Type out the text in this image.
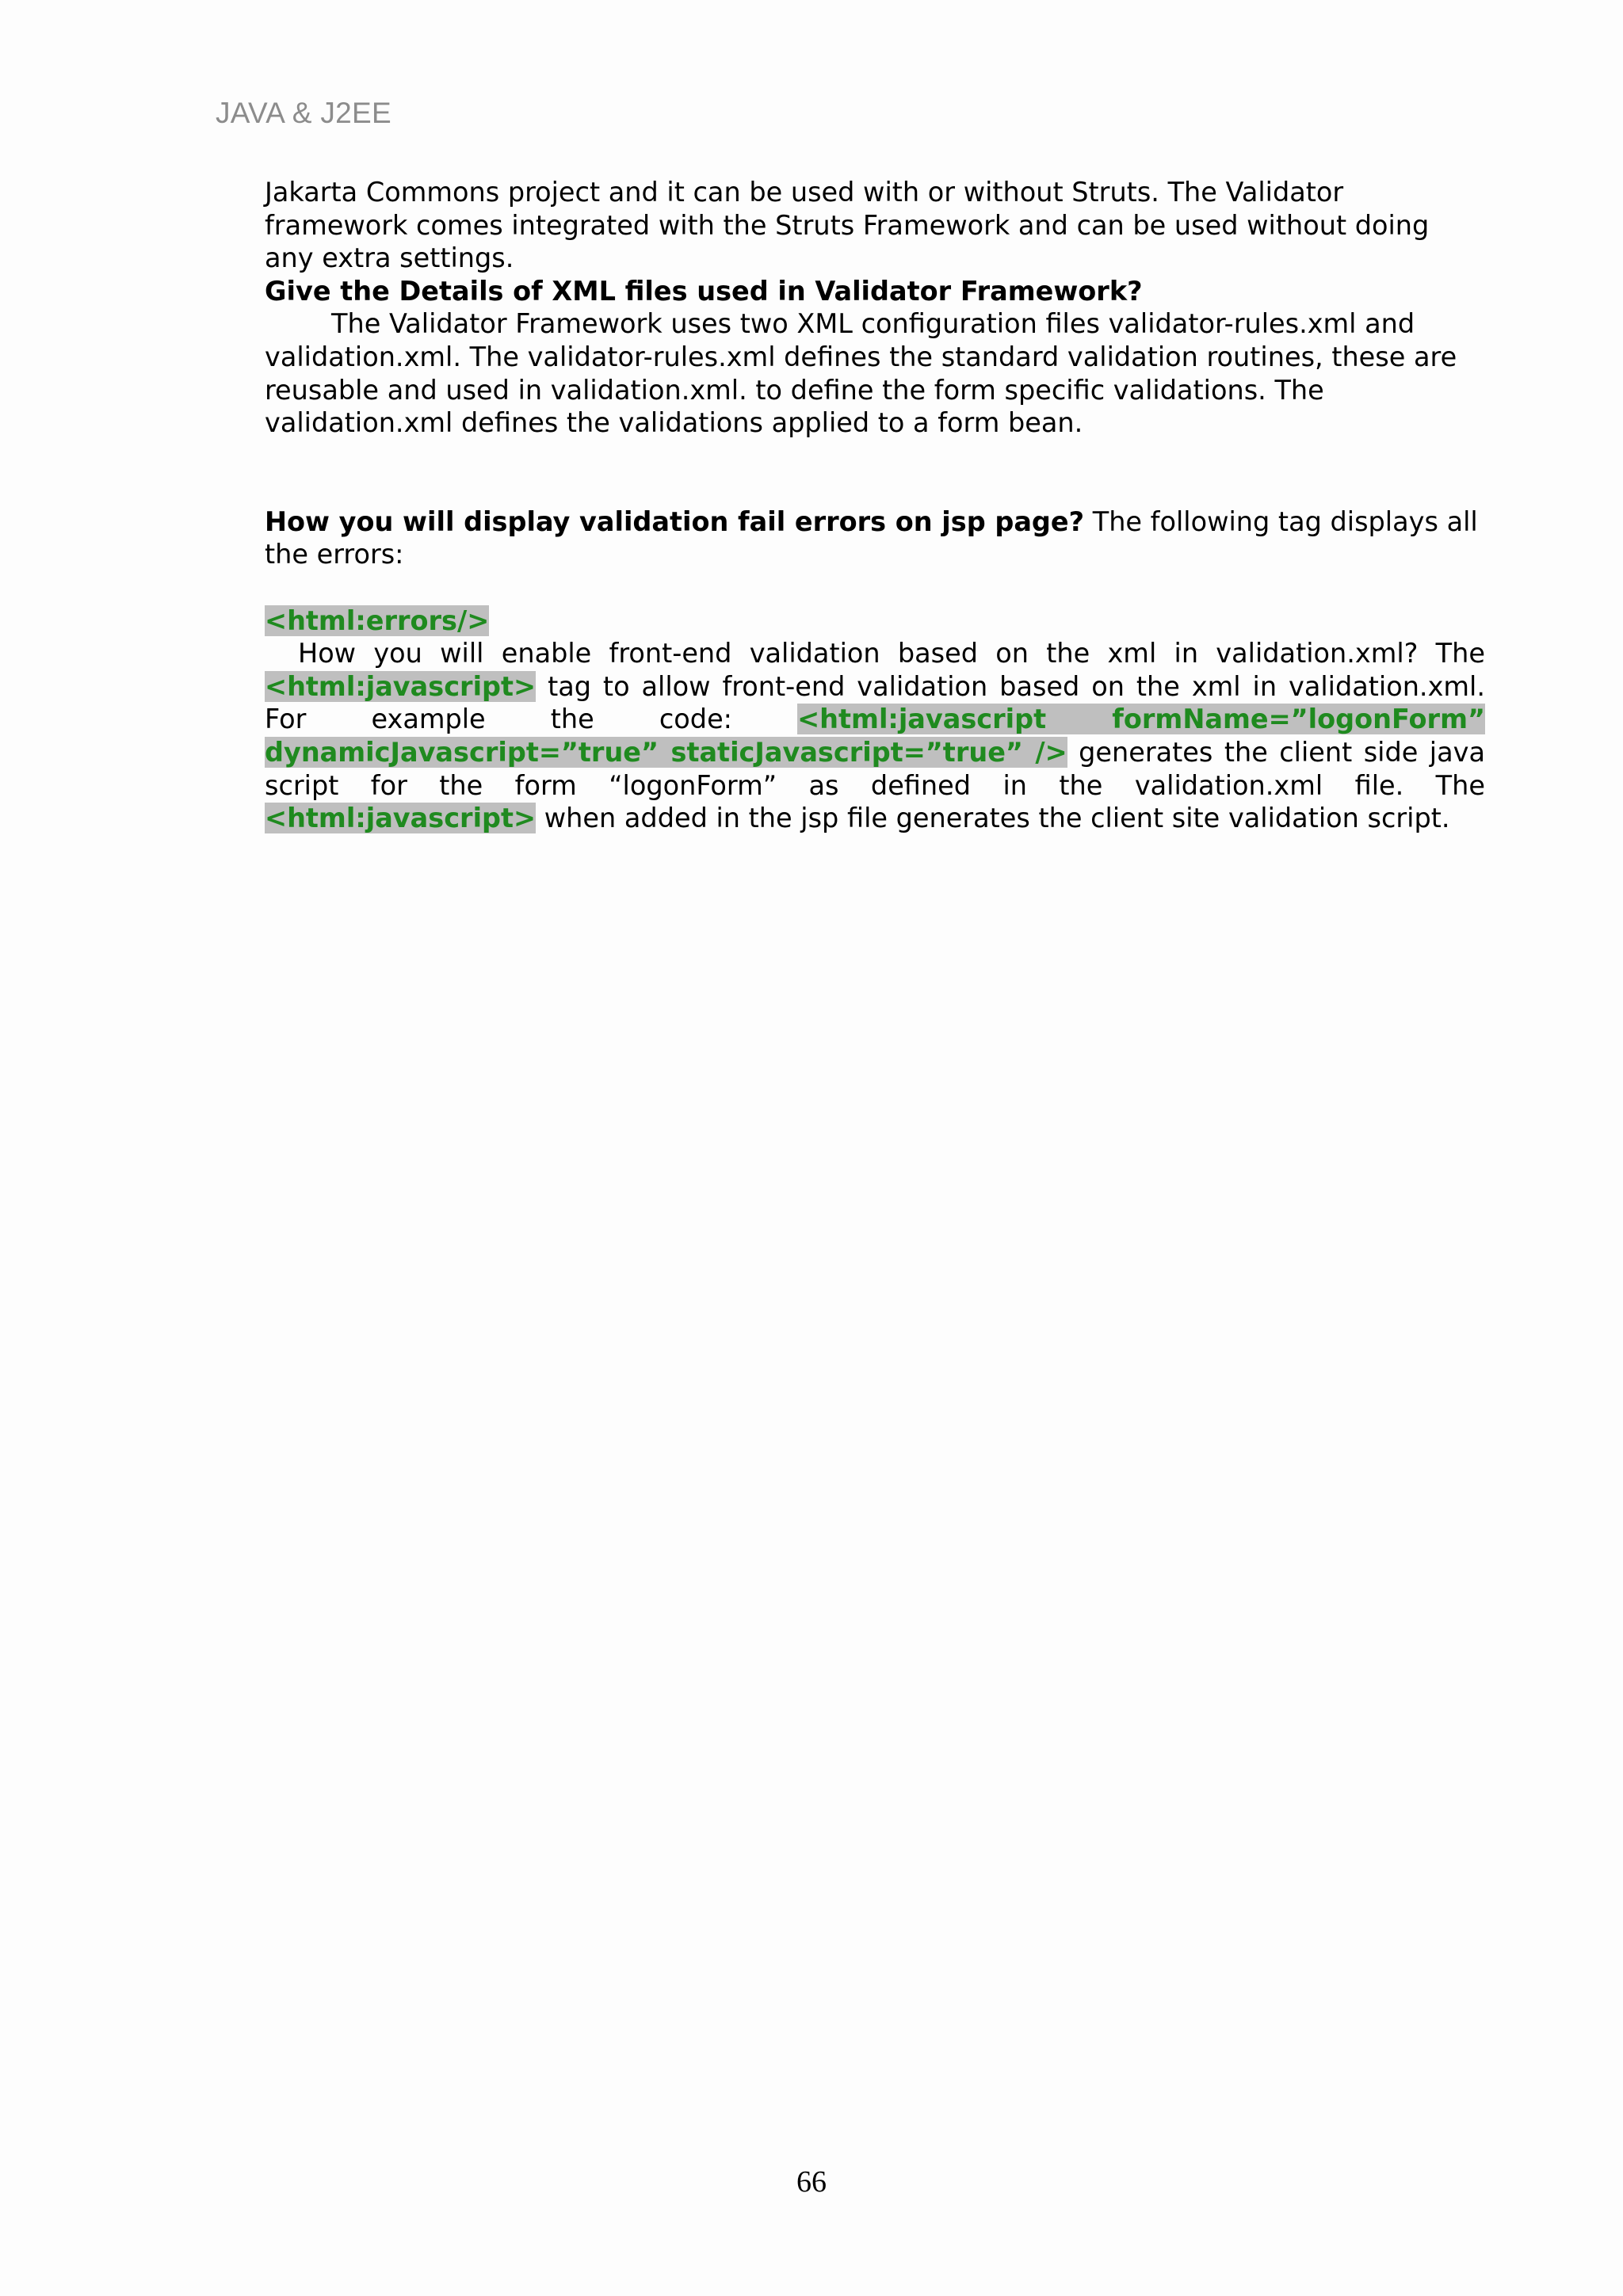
JAVA & J2EE

Jakarta Commons project and it can be used with or without Struts. The Validator framework comes integrated with the Struts Framework and can be used without doing any extra settings.

Give the Details of XML files used in Validator Framework?

The Validator Framework uses two XML configuration files validator-rules.xml and validation.xml. The validator-rules.xml defines the standard validation routines, these are reusable and used in validation.xml. to define the form specific validations. The validation.xml defines the validations applied to a form bean.

How you will display validation fail errors on jsp page? The following tag displays all the errors:

<html:errors/>

How you will enable front-end validation based on the xml in validation.xml? The <html:javascript> tag to allow front-end validation based on the xml in validation.xml. For example the code: <html:javascript formName=”logonForm” dynamicJavascript=”true” staticJavascript=”true” /> generates the client side java script for the form “logonForm” as defined in the validation.xml file. The <html:javascript> when added in the jsp file generates the client site validation script.

66
